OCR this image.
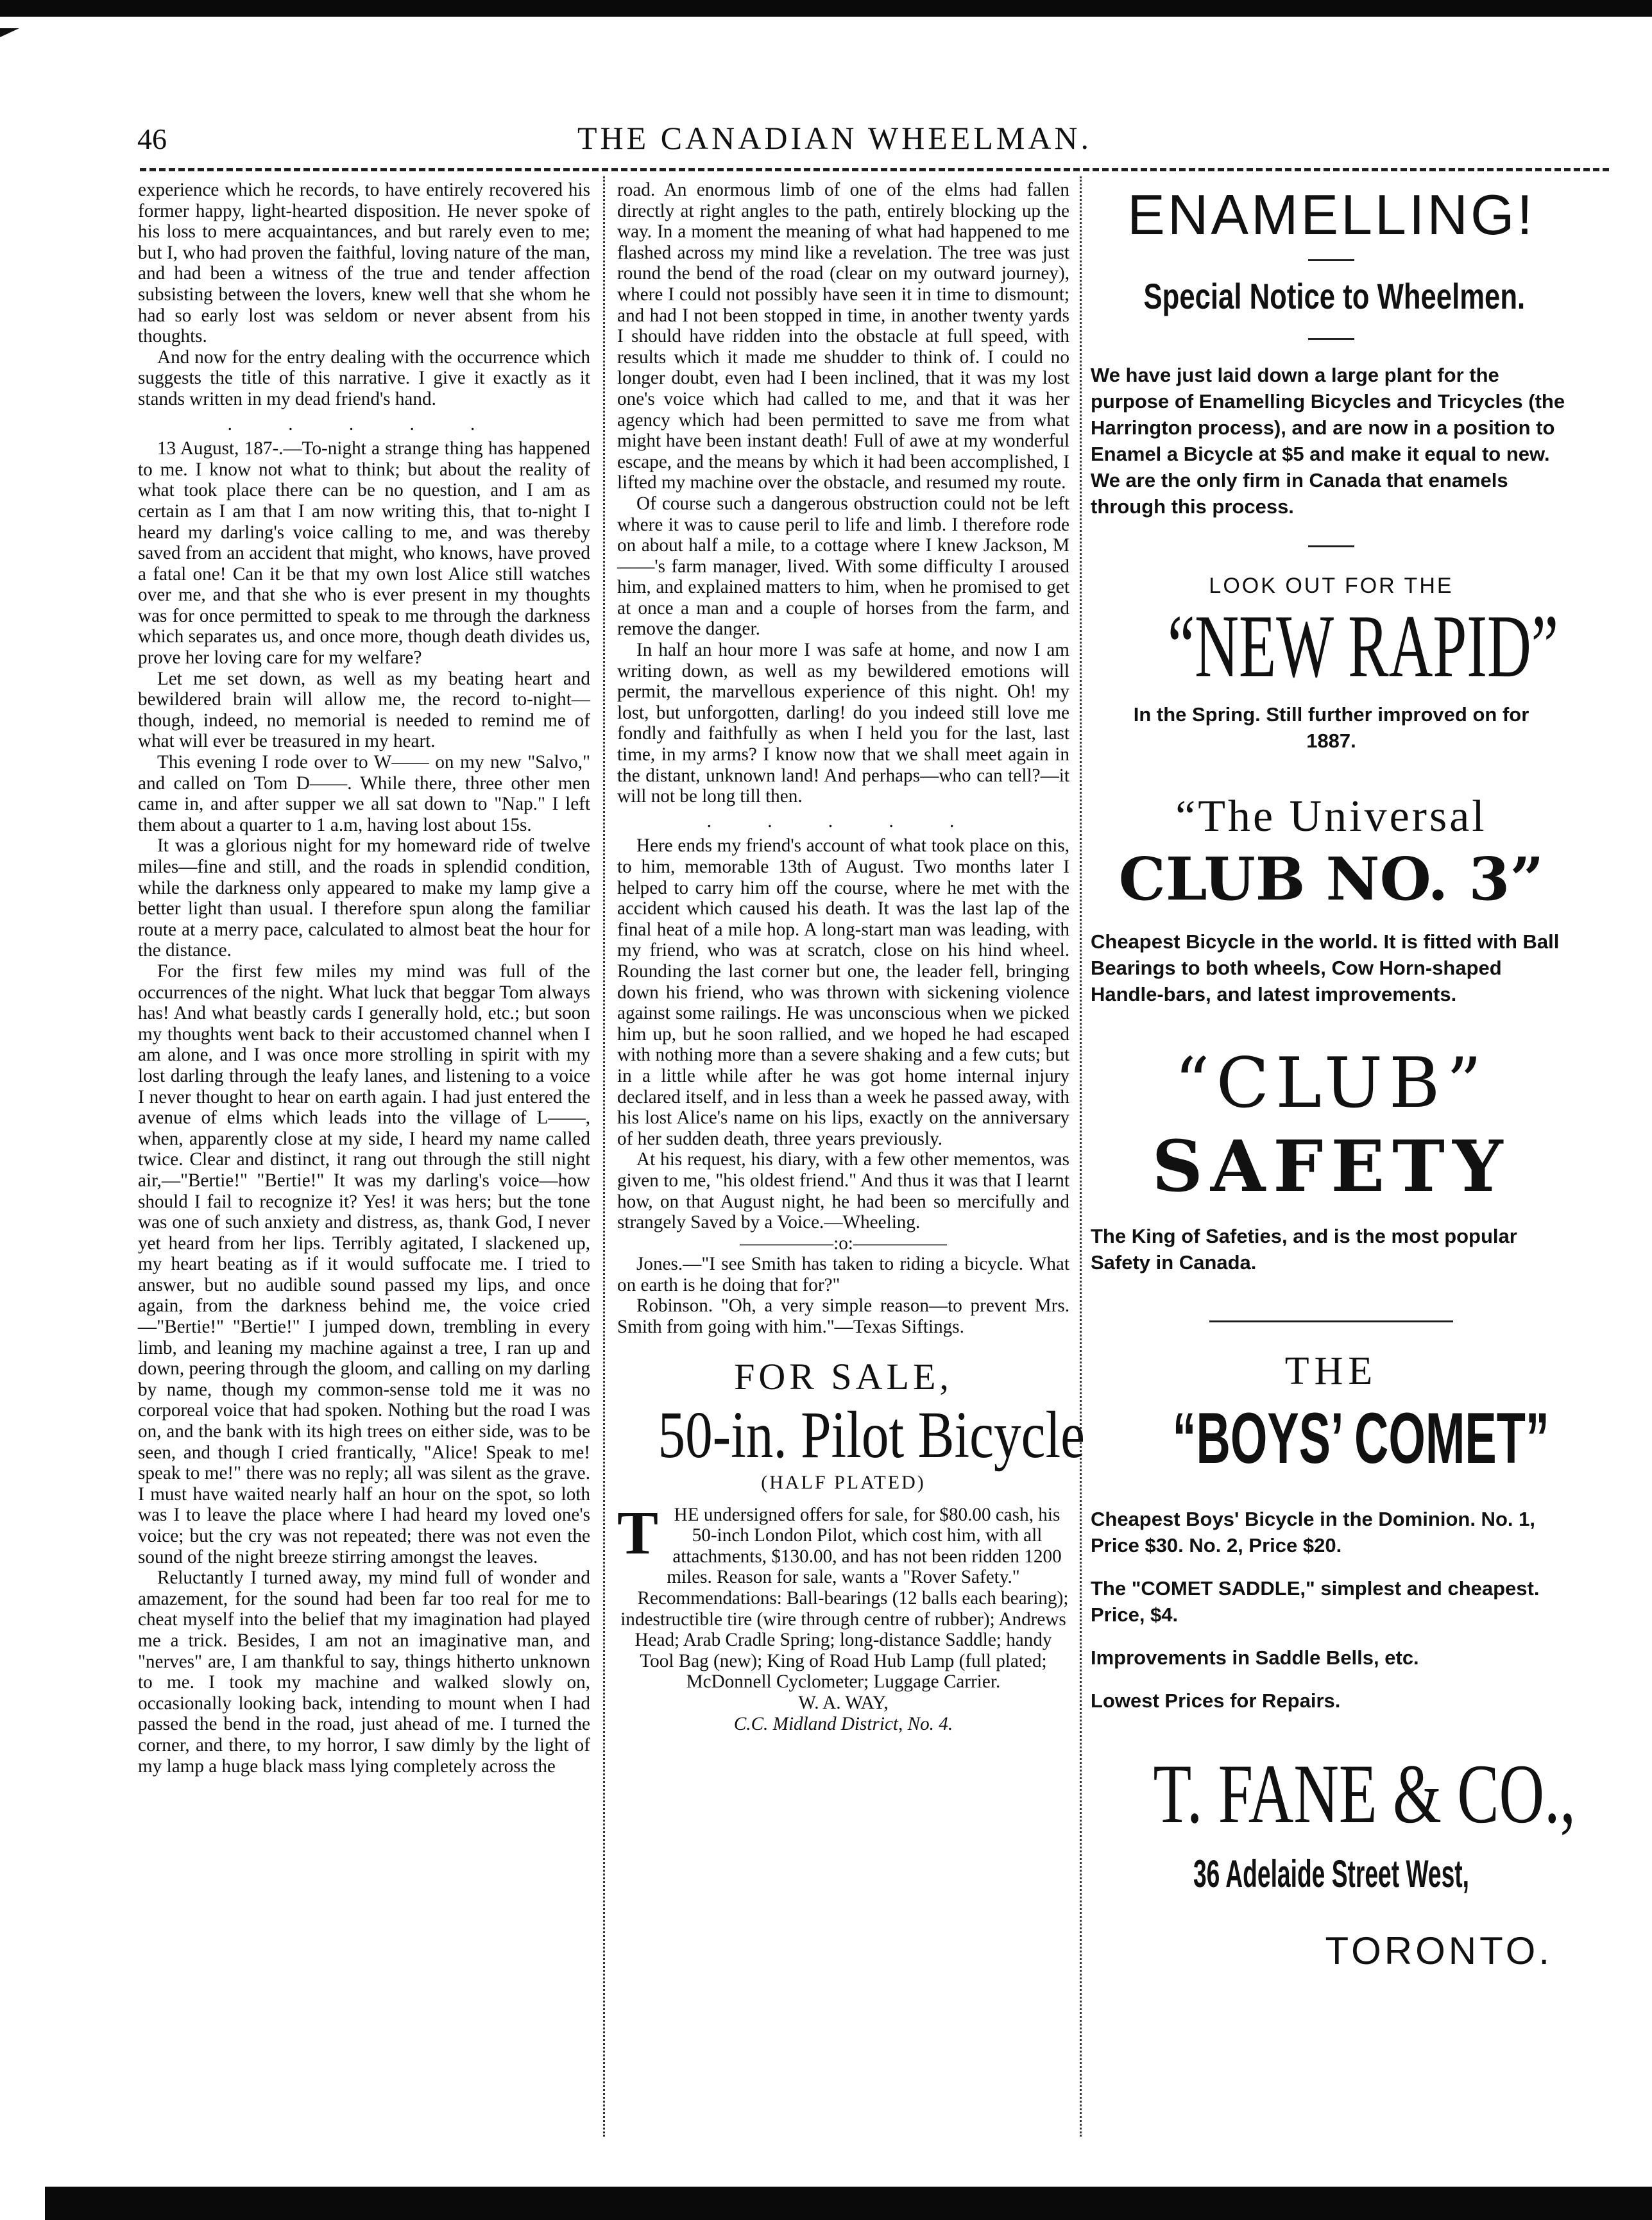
46	THE CANADIAN WHEELMAN.

experience which he records, to have entirely recovered his former happy, light-hearted disposition. He never spoke of his loss to mere acquaintances, and but rarely even to me; but I, who had proven the faithful, loving nature of the man, and had been a witness of the true and tender affection subsisting between the lovers, knew well that she whom he had so early lost was seldom or never absent from his thoughts.

And now for the entry dealing with the occurrence which suggests the title of this narrative. I give it exactly as it stands written in my dead friend's hand.

. . . . .

13 August, 187-.—To-night a strange thing has happened to me. I know not what to think; but about the reality of what took place there can be no question, and I am as certain as I am that I am now writing this, that to-night I heard my darling's voice calling to me, and was thereby saved from an accident that might, who knows, have proved a fatal one! Can it be that my own lost Alice still watches over me, and that she who is ever present in my thoughts was for once permitted to speak to me through the darkness which separates us, and once more, though death divides us, prove her loving care for my welfare?

Let me set down, as well as my beating heart and bewildered brain will allow me, the record to-night—though, indeed, no memorial is needed to remind me of what will ever be treasured in my heart.

This evening I rode over to W—— on my new "Salvo," and called on Tom D——. While there, three other men came in, and after supper we all sat down to "Nap." I left them about a quarter to 1 a.m, having lost about 15s.

It was a glorious night for my homeward ride of twelve miles—fine and still, and the roads in splendid condition, while the darkness only appeared to make my lamp give a better light than usual. I therefore spun along the familiar route at a merry pace, calculated to almost beat the hour for the distance.

For the first few miles my mind was full of the occurrences of the night. What luck that beggar Tom always has! And what beastly cards I generally hold, etc.; but soon my thoughts went back to their accustomed channel when I am alone, and I was once more strolling in spirit with my lost darling through the leafy lanes, and listening to a voice I never thought to hear on earth again. I had just entered the avenue of elms which leads into the village of L——, when, apparently close at my side, I heard my name called twice. Clear and distinct, it rang out through the still night air,—"Bertie!" "Bertie!" It was my darling's voice—how should I fail to recognize it? Yes! it was hers; but the tone was one of such anxiety and distress, as, thank God, I never yet heard from her lips. Terribly agitated, I slackened up, my heart beating as if it would suffocate me. I tried to answer, but no audible sound passed my lips, and once again, from the darkness behind me, the voice cried—"Bertie!" "Bertie!" I jumped down, trembling in every limb, and leaning my machine against a tree, I ran up and down, peering through the gloom, and calling on my darling by name, though my common-sense told me it was no corporeal voice that had spoken. Nothing but the road I was on, and the bank with its high trees on either side, was to be seen, and though I cried frantically, "Alice! Speak to me! speak to me!" there was no reply; all was silent as the grave. I must have waited nearly half an hour on the spot, so loth was I to leave the place where I had heard my loved one's voice; but the cry was not repeated; there was not even the sound of the night breeze stirring amongst the leaves.

Reluctantly I turned away, my mind full of wonder and amazement, for the sound had been far too real for me to cheat myself into the belief that my imagination had played me a trick. Besides, I am not an imaginative man, and "nerves" are, I am thankful to say, things hitherto unknown to me. I took my machine and walked slowly on, occasionally looking back, intending to mount when I had passed the bend in the road, just ahead of me. I turned the corner, and there, to my horror, I saw dimly by the light of my lamp a huge black mass lying completely across the

road. An enormous limb of one of the elms had fallen directly at right angles to the path, entirely blocking up the way. In a moment the meaning of what had happened to me flashed across my mind like a revelation. The tree was just round the bend of the road (clear on my outward journey), where I could not possibly have seen it in time to dismount; and had I not been stopped in time, in another twenty yards I should have ridden into the obstacle at full speed, with results which it made me shudder to think of. I could no longer doubt, even had I been inclined, that it was my lost one's voice which had called to me, and that it was her agency which had been permitted to save me from what might have been instant death! Full of awe at my wonderful escape, and the means by which it had been accomplished, I lifted my machine over the obstacle, and resumed my route.

Of course such a dangerous obstruction could not be left where it was to cause peril to life and limb. I therefore rode on about half a mile, to a cottage where I knew Jackson, M——'s farm manager, lived. With some difficulty I aroused him, and explained matters to him, when he promised to get at once a man and a couple of horses from the farm, and remove the danger.

In half an hour more I was safe at home, and now I am writing down, as well as my bewildered emotions will permit, the marvellous experience of this night. Oh! my lost, but unforgotten, darling! do you indeed still love me fondly and faithfully as when I held you for the last, last time, in my arms? I know now that we shall meet again in the distant, unknown land! And perhaps—who can tell?—it will not be long till then.

. . . . .

Here ends my friend's account of what took place on this, to him, memorable 13th of August. Two months later I helped to carry him off the course, where he met with the accident which caused his death. It was the last lap of the final heat of a mile hop. A long-start man was leading, with my friend, who was at scratch, close on his hind wheel. Rounding the last corner but one, the leader fell, bringing down his friend, who was thrown with sickening violence against some railings. He was unconscious when we picked him up, but he soon rallied, and we hoped he had escaped with nothing more than a severe shaking and a few cuts; but in a little while after he was got home internal injury declared itself, and in less than a week he passed away, with his lost Alice's name on his lips, exactly on the anniversary of her sudden death, three years previously.

At his request, his diary, with a few other mementos, was given to me, "his oldest friend." And thus it was that I learnt how, on that August night, he had been so mercifully and strangely Saved by a Voice.—Wheeling.

—————:o:—————

Jones.—"I see Smith has taken to riding a bicycle. What on earth is he doing that for?"

Robinson. "Oh, a very simple reason—to prevent Mrs. Smith from going with him."—Texas Siftings.

FOR SALE,
50-in. Pilot Bicycle
(HALF PLATED)

THE undersigned offers for sale, for $80.00 cash, his 50-inch London Pilot, which cost him, with all attachments, $130.00, and has not been ridden 1200 miles. Reason for sale, wants a "Rover Safety."

Recommendations: Ball-bearings (12 balls each bearing); indestructible tire (wire through centre of rubber); Andrews Head; Arab Cradle Spring; long-distance Saddle; handy Tool Bag (new); King of Road Hub Lamp (full plated; McDonnell Cyclometer; Luggage Carrier.

W. A. WAY,

C.C. Midland District, No. 4.

ENAMELLING!
Special Notice to Wheelmen.
We have just laid down a large plant for the purpose of Enamelling Bicycles and Tricycles (the Harrington process), and are now in a position to Enamel a Bicycle at $5 and make it equal to new. We are the only firm in Canada that enamels through this process.
LOOK OUT FOR THE
“NEW RAPID”
In the Spring. Still further improved on for 1887.
“The Universal
CLUB NO. 3”
Cheapest Bicycle in the world. It is fitted with Ball Bearings to both wheels, Cow Horn-shaped Handle-bars, and latest improvements.
“CLUB”
SAFETY
The King of Safeties, and is the most popular Safety in Canada.
THE
“BOYS’ COMET”
Cheapest Boys' Bicycle in the Dominion. No. 1, Price $30. No. 2, Price $20.
The "COMET SADDLE," simplest and cheapest. Price, $4.
Improvements in Saddle Bells, etc.
Lowest Prices for Repairs.
T. FANE & CO.,
36 Adelaide Street West,
TORONTO.
